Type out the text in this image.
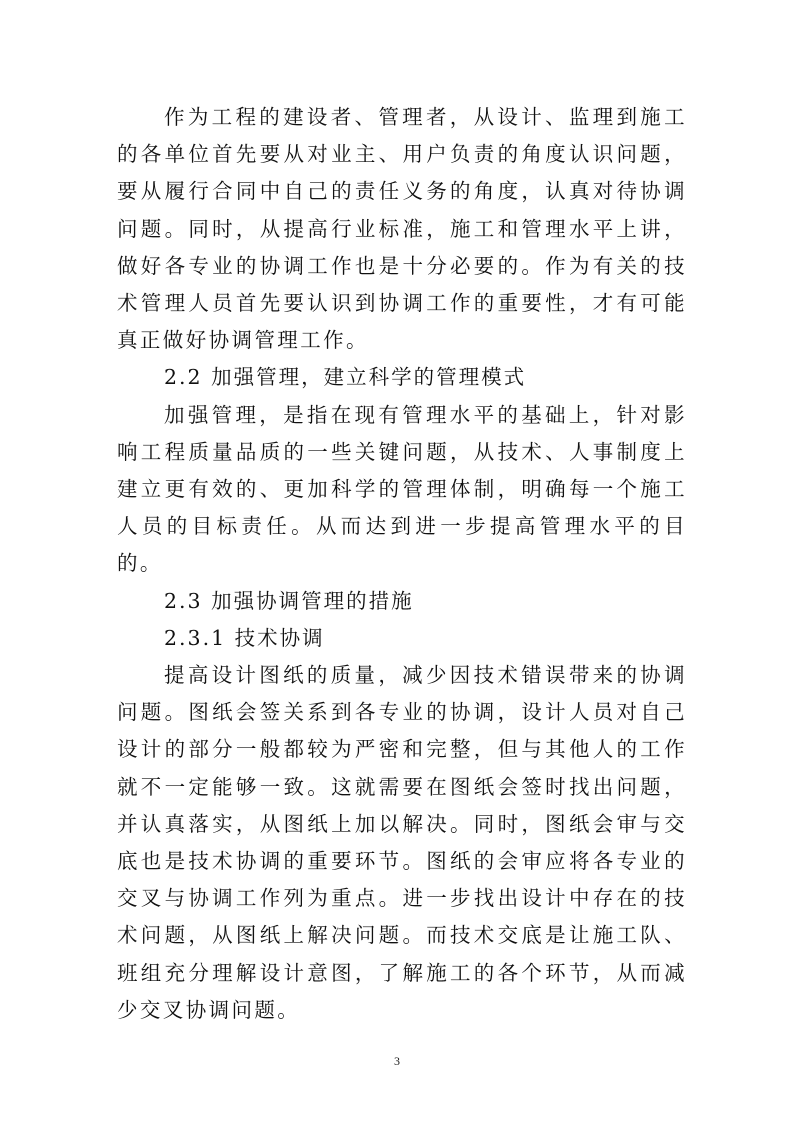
作为工程的建设者、管理者，从设计、监理到施工的各单位首先要从对业主、用户负责的角度认识问题，要从履行合同中自己的责任义务的角度，认真对待协调问题。同时，从提高行业标准，施工和管理水平上讲，做好各专业的协调工作也是十分必要的。作为有关的技术管理人员首先要认识到协调工作的重要性，才有可能真正做好协调管理工作。

2.2 加强管理，建立科学的管理模式

加强管理，是指在现有管理水平的基础上，针对影响工程质量品质的一些关键问题，从技术、人事制度上建立更有效的、更加科学的管理体制，明确每一个施工人员的目标责任。从而达到进一步提高管理水平的目的。

2.3 加强协调管理的措施

2.3.1 技术协调

提高设计图纸的质量，减少因技术错误带来的协调问题。图纸会签关系到各专业的协调，设计人员对自己设计的部分一般都较为严密和完整，但与其他人的工作就不一定能够一致。这就需要在图纸会签时找出问题，并认真落实，从图纸上加以解决。同时，图纸会审与交底也是技术协调的重要环节。图纸的会审应将各专业的交叉与协调工作列为重点。进一步找出设计中存在的技术问题，从图纸上解决问题。而技术交底是让施工队、班组充分理解设计意图，了解施工的各个环节，从而减少交叉协调问题。

3
